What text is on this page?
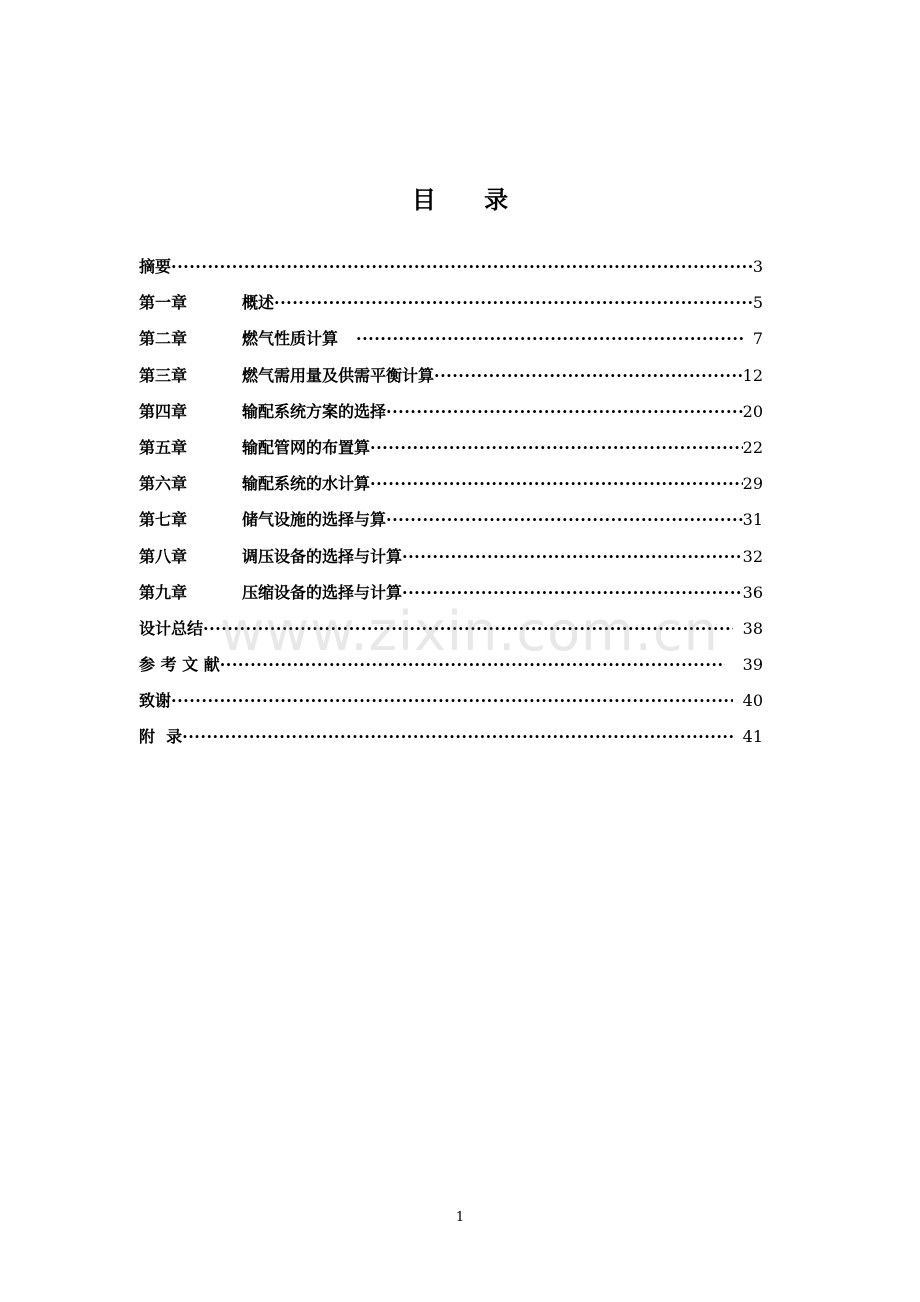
目 录
摘要 ·····	3
第一章	概述 ·····	5
第二章	燃气性质计算 ·····	7
第三章	燃气需用量及供需平衡计算 ·····	12
第四章	输配系统方案的选择 ·····	20
第五章	输配管网的布置算 ·····	22
第六章	输配系统的水计算 ·····	29
第七章	储气设施的选择与算 ·····	31
第八章	调压设备的选择与计算 ·····	32
第九章	压缩设备的选择与计算 ·····	36
设计总结 ·····	38
参 考 文 献 ·····	39
致谢 ·····	40
附  录 ·····	41
www.zixin.com.cn
1
